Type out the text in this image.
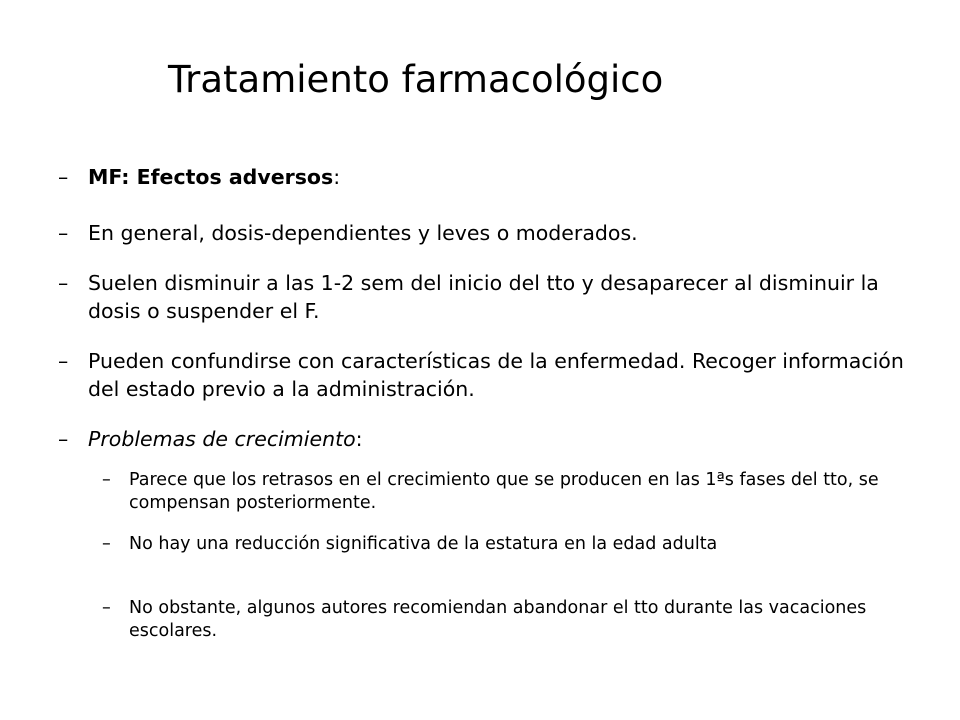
Tratamiento farmacológico
– MF: Efectos adversos:
– En general, dosis-dependientes y leves o moderados.
– Suelen disminuir a las 1-2 sem del inicio del tto y desaparecer al disminuir la dosis o suspender el F.
– Pueden confundirse con características de la enfermedad. Recoger información del estado previo a la administración.
– Problemas de crecimiento:
– Parece que los retrasos en el crecimiento que se producen en las 1ªs fases del tto, se compensan posteriormente.
– No hay una reducción significativa de la estatura en la edad adulta
– No obstante, algunos autores recomiendan abandonar el tto durante las vacaciones escolares.
